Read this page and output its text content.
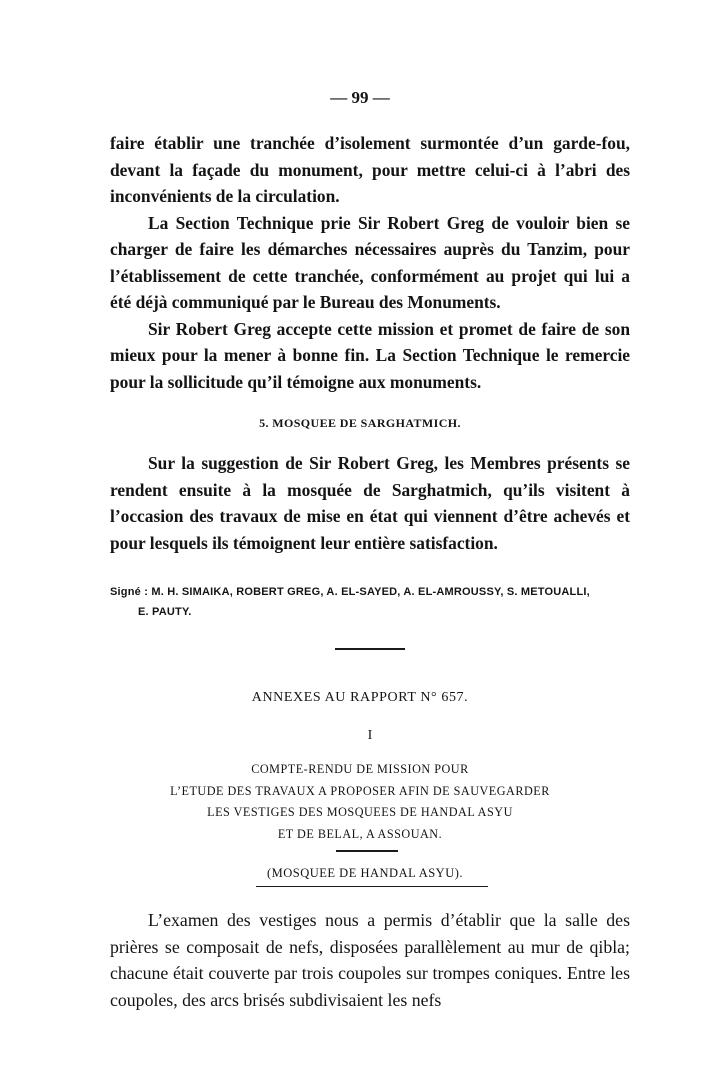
— 99 —

faire établir une tranchée d’isolement surmontée d’un garde-fou, devant la façade du monument, pour mettre celui-ci à l’abri des inconvénients de la circulation.

La Section Technique prie Sir Robert Greg de vouloir bien se charger de faire les démarches nécessaires auprès du Tanzim, pour l’établissement de cette tranchée, conformément au projet qui lui a été déjà communiqué par le Bureau des Monuments.

Sir Robert Greg accepte cette mission et promet de faire de son mieux pour la mener à bonne fin. La Section Technique le remercie pour la sollicitude qu’il témoigne aux monuments.

5. MOSQUEE DE SARGHATMICH.

Sur la suggestion de Sir Robert Greg, les Membres présents se rendent ensuite à la mosquée de Sarghatmich, qu’ils visitent à l’occasion des travaux de mise en état qui viennent d’être achevés et pour lesquels ils témoignent leur entière satisfaction.

Signé : M. H. SIMAIKA, ROBERT GREG, A. EL-SAYED, A. EL-AMROUSSY, S. METOUALLI,
E. PAUTY.
ANNEXES AU RAPPORT N° 657.
I
COMPTE-RENDU DE MISSION POUR
L’ETUDE DES TRAVAUX A PROPOSER AFIN DE SAUVEGARDER
LES VESTIGES DES MOSQUEES DE HANDAL ASYU
ET DE BELAL, A ASSOUAN.
(MOSQUEE DE HANDAL ASYU).

L’examen des vestiges nous a permis d’établir que la salle des prières se composait de nefs, disposées parallèlement au mur de qibla; chacune était couverte par trois coupoles sur trompes coniques. Entre les coupoles, des arcs brisés subdivisaient les nefs
